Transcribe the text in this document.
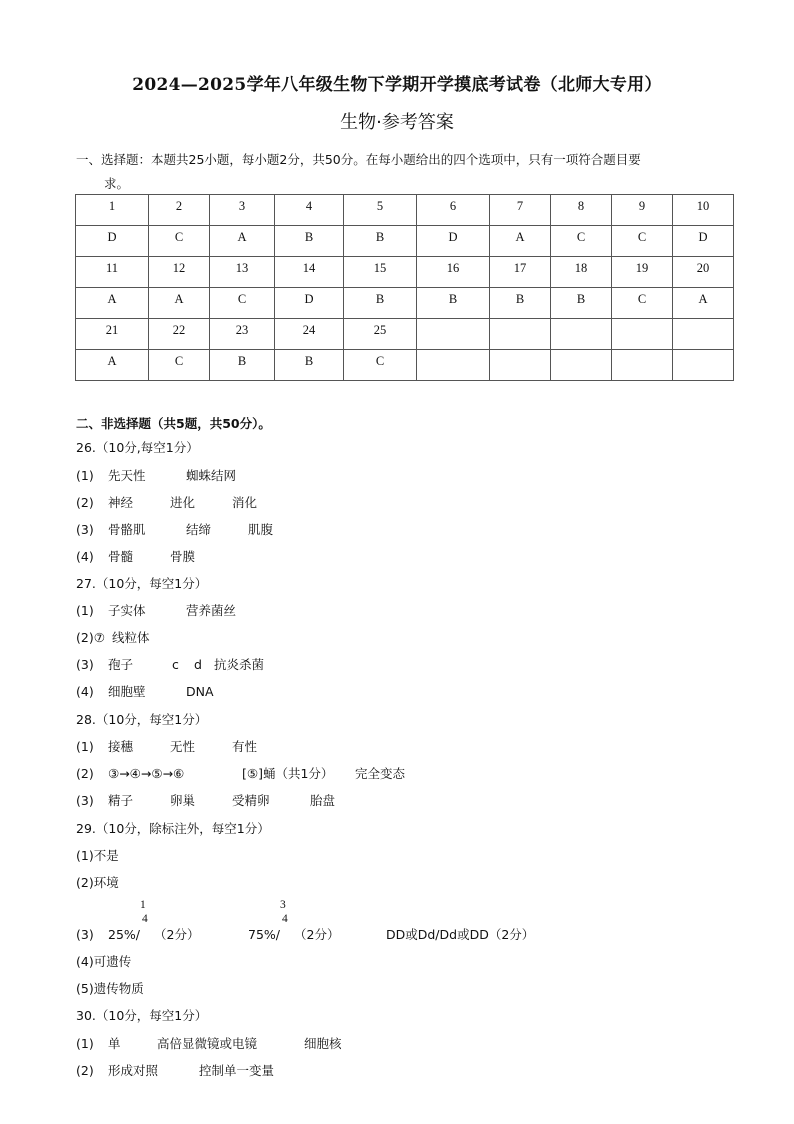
2024—2025学年八年级生物下学期开学摸底考试卷（北师大专用）
生物·参考答案
一、选择题：本题共25小题，每小题2分，共50分。在每小题给出的四个选项中，只有一项符合题目要
求。
1	2	3	4	5	6	7	8	9	10
D	C	A	B	B	D	A	C	C	D
11	12	13	14	15	16	17	18	19	20
A	A	C	D	B	B	B	B	C	A
21	22	23	24	25					
A	C	B	B	C					
二、非选择题（共5题，共50分）。
26.（10分,每空1分）
(1) 先天性	蜘蛛结网
(2) 神经	进化	消化
(3) 骨骼肌	结缔	肌腹
(4) 骨髓	骨膜
27.（10分，每空1分）
(1) 子实体	营养菌丝
(2)⑦ 线粒体
(3) 孢子	c d 抗炎杀菌
(4) 细胞壁	DNA
28.（10分，每空1分）
(1) 接穗	无性	有性
(2) ③→④→⑤→⑥	[⑤]蛹（共1分） 完全变态
(3) 精子	卵巢	受精卵	胎盘
29.（10分，除标注外，每空1分）
(1)不是
(2)环境
(3) 25%/
1
4
（2分）	75%/
3
4
（2分）	DD或Dd/Dd或DD（2分）
(4)可遗传
(5)遗传物质
30.（10分，每空1分）
(1) 单	高倍显微镜或电镜	细胞核
(2) 形成对照	控制单一变量
